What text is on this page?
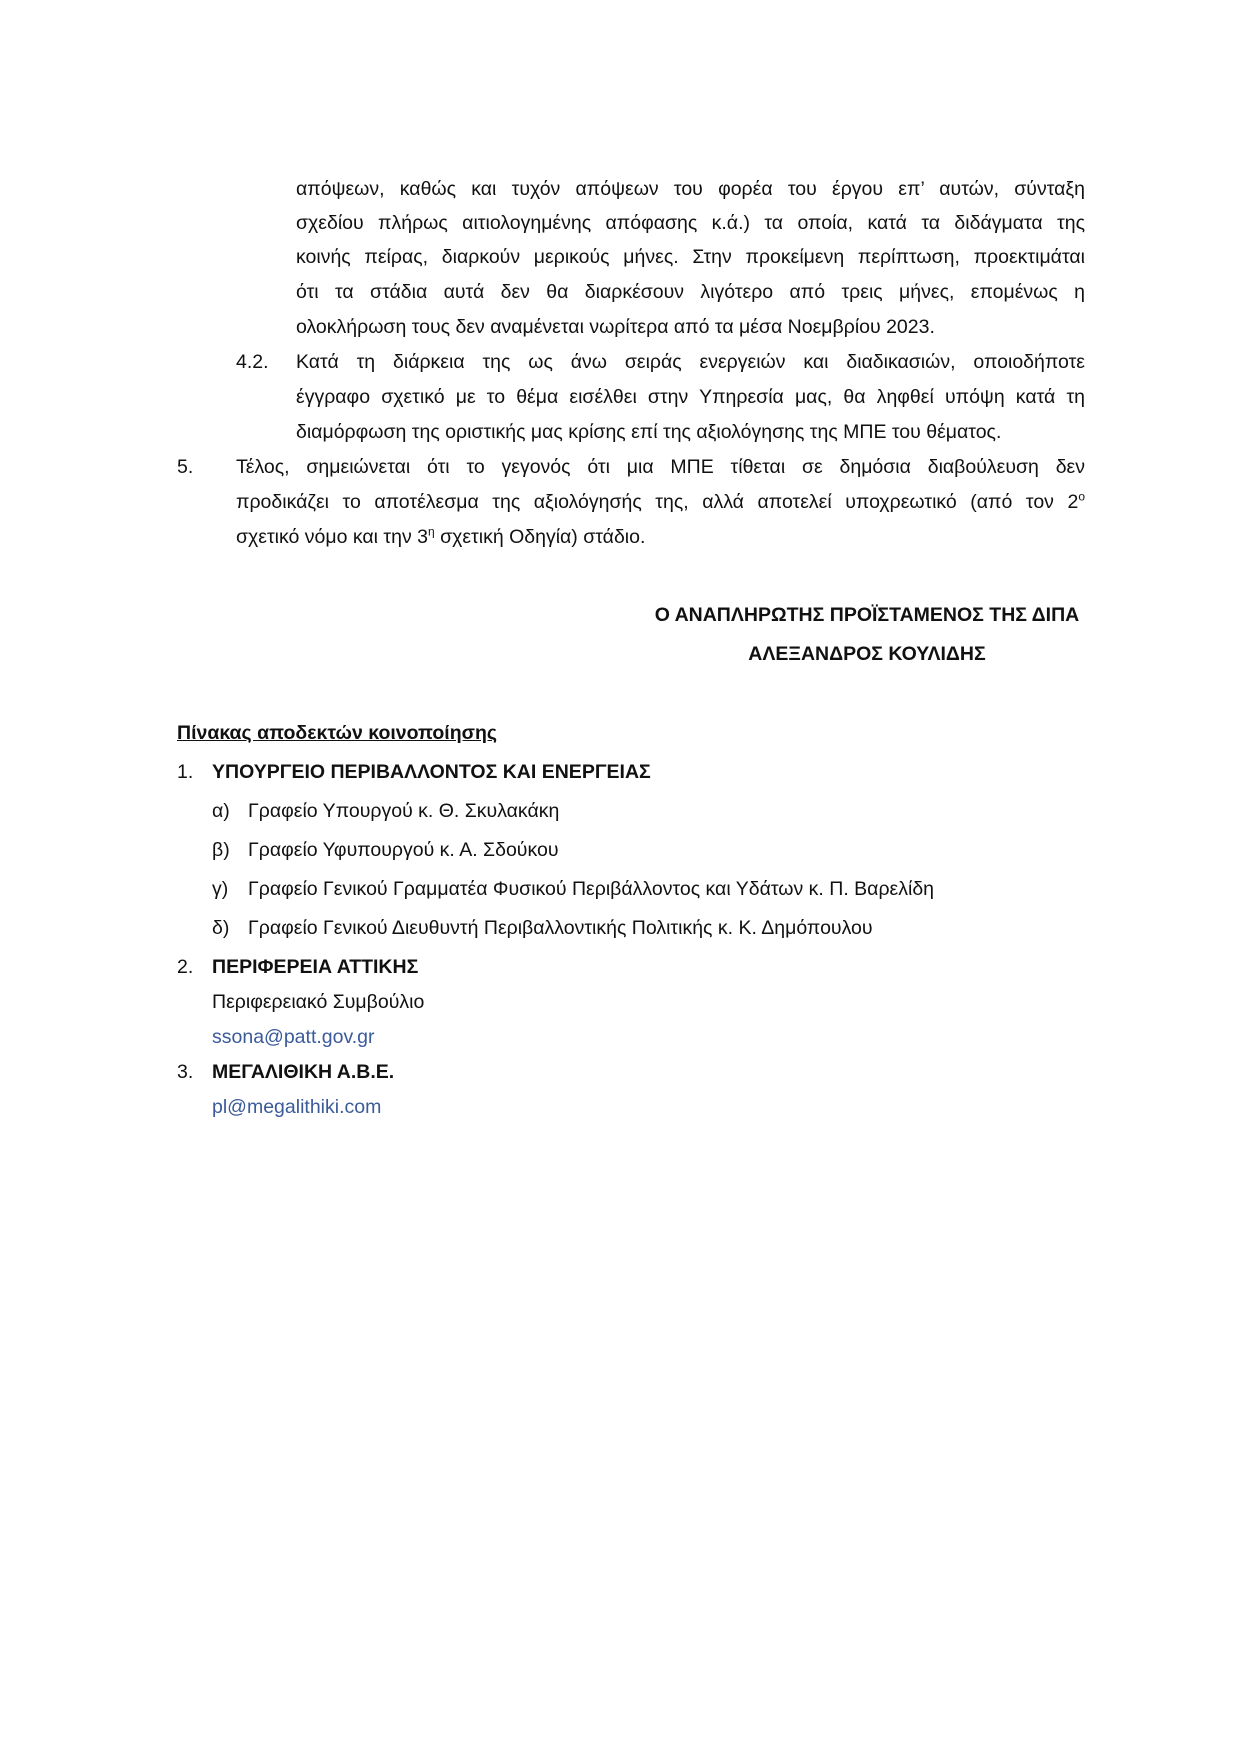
απόψεων, καθώς και τυχόν απόψεων του φορέα του έργου επ’ αυτών, σύνταξη
σχεδίου πλήρως αιτιολογημένης απόφασης κ.ά.) τα οποία, κατά τα διδάγματα της
κοινής πείρας, διαρκούν μερικούς μήνες. Στην προκείμενη περίπτωση, προεκτιμάται
ότι τα στάδια αυτά δεν θα διαρκέσουν λιγότερο από τρεις μήνες, επομένως η
ολοκλήρωση τους δεν αναμένεται νωρίτερα από τα μέσα Νοεμβρίου 2023.
4.2. Κατά τη διάρκεια της ως άνω σειράς ενεργειών και διαδικασιών, οποιοδήποτε
έγγραφο σχετικό με το θέμα εισέλθει στην Υπηρεσία μας, θα ληφθεί υπόψη κατά τη
διαμόρφωση της οριστικής μας κρίσης επί της αξιολόγησης της ΜΠΕ του θέματος.
5. Τέλος, σημειώνεται ότι το γεγονός ότι μια ΜΠΕ τίθεται σε δημόσια διαβούλευση δεν
προδικάζει το αποτέλεσμα της αξιολόγησής της, αλλά αποτελεί υποχρεωτικό (από τον $2^o$
σχετικό νόμο και την $3^\eta$ σχετική Οδηγία) στάδιο.
Ο ΑΝΑΠΛΗΡΩΤΗΣ ΠΡΟΪΣΤΑΜΕΝΟΣ ΤΗΣ ΔΙΠΑ
ΑΛΕΞΑΝΔΡΟΣ ΚΟΥΛΙΔΗΣ
Πίνακας αποδεκτών κοινοποίησης
1. ΥΠΟΥΡΓΕΙΟ ΠΕΡΙΒΑΛΛΟΝΤΟΣ ΚΑΙ ΕΝΕΡΓΕΙΑΣ
α) Γραφείο Υπουργού κ. Θ. Σκυλακάκη
β) Γραφείο Υφυπουργού κ. Α. Σδούκου
γ) Γραφείο Γενικού Γραμματέα Φυσικού Περιβάλλοντος και Υδάτων κ. Π. Βαρελίδη
δ) Γραφείο Γενικού Διευθυντή Περιβαλλοντικής Πολιτικής κ. Κ. Δημόπουλου
2. ΠΕΡΙΦΕΡΕΙΑ ΑΤΤΙΚΗΣ
Περιφερειακό Συμβούλιο
ssona@patt.gov.gr
3. ΜΕΓΑΛΙΘΙΚΗ Α.Β.Ε.
pl@megalithiki.com
